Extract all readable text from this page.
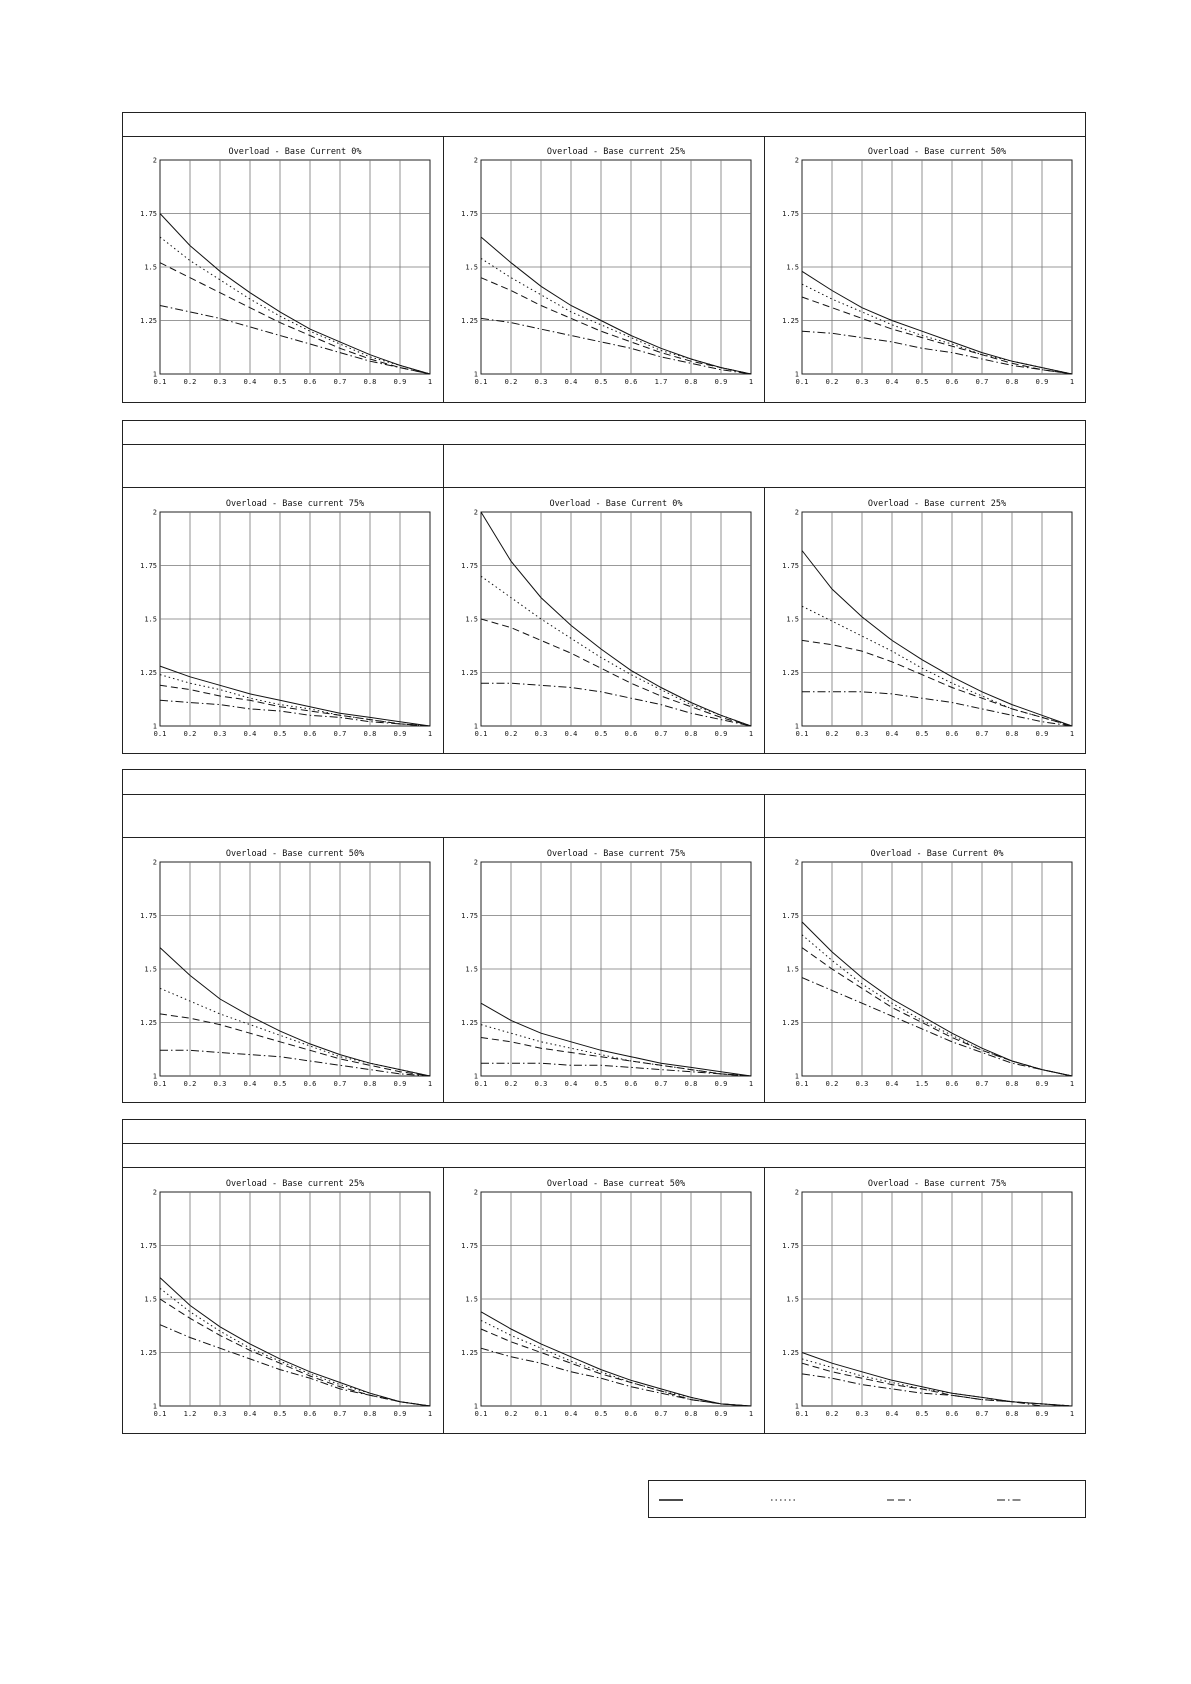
Overload - Base Current 0%
0.1 0.2 0.3 0.4 0.5 0.6 0.7 0.8 0.9	1
1
1.25
1.5
1.75
2
Overload - Base current 25%
0.1 0.2 0.3 0.4 0.5 0.6 1.7 0.8 0.9	1
1
1.25
1.5
1.75
2
Overload - Base current 50%
0.1 0.2 0.3 0.4 0.5 0.6 0.7 0.8 0.9	1
1
1.25
1.5
1.75
2
Overload - Base current 75%
0.1 0.2 0.3 0.4 0.5 0.6 0.7 0.8 0.9	1
1
1.25
1.5
1.75
2
Overload - Base Current 0%
0.1 0.2 0.3 0.4 0.5 0.6 0.7 0.8 0.9	1
1
1.25
1.5
1.75
2
Overload - Base current 25%
0.1 0.2 0.3 0.4 0.5 0.6 0.7 0.8 0.9	1
1
1.25
1.5
1.75
2
Overload - Base current 50%
0.1 0.2 0.3 0.4 0.5 0.6 0.7 0.8 0.9	1
1
1.25
1.5
1.75
2
Overload - Base current 75%
0.1 0.2 0.3 0.4 0.5 0.6 0.7 0.8 0.9	1
1
1.25
1.5
1.75
2
Overload - Base Current 0%
0.1 0.2 0.3 0.4 1.5 0.6 0.7 0.8 0.9	1
1
1.25
1.5
1.75
2
Overload - Base current 25%
0.1 1.2 0.3 0.4 0.5 0.6 0.7 0.8 0.9	1
1
1.25
1.5
1.75
2
Overload - Base curreat 50%
0.1 0.2 0.1 0.4 0.5 0.6 0.7 0.8 0.9	1
1
1.25
1.5
1.75
2
Overload - Base current 75%
0.1 0.2 0.3 0.4 0.5 0.6 0.7 0.8 0.9	1
1
1.25
1.5
1.75
2
